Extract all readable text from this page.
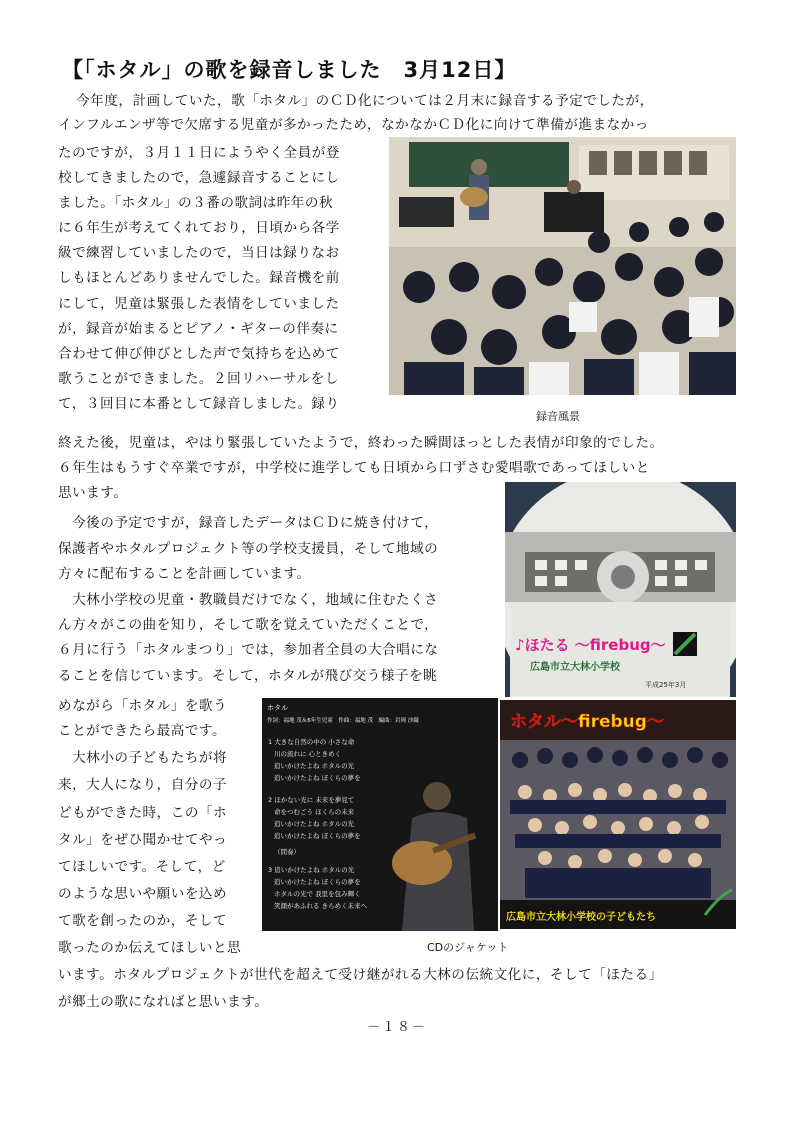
【「ホタル」の歌を録音しました　3月12日】
　今年度，計画していた，歌「ホタル」のＣＤ化については２月末に録音する予定でしたが，
インフルエンザ等で欠席する児童が多かったため，なかなかＣＤ化に向けて準備が進まなかっ
たのですが，３月１１日にようやく全員が登
校してきましたので，急遽録音することにし
ました。「ホタル」の３番の歌詞は昨年の秋
に６年生が考えてくれており，日頃から各学
級で練習していましたので，当日は録りなお
しもほとんどありませんでした。録音機を前
にして，児童は緊張した表情をしていました
が，録音が始まるとピアノ・ギターの伴奏に
合わせて伸び伸びとした声で気持ちを込めて
歌うことができました。２回リハーサルをし
て，３回目に本番として録音しました。録り
終えた後，児童は，やはり緊張していたようで，終わった瞬間ほっとした表情が印象的でした。
６年生はもうすぐ卒業ですが，中学校に進学しても日頃から口ずさむ愛唱歌であってほしいと
思います。
　今後の予定ですが，録音したデータはＣＤに焼き付けて，
保護者やホタルプロジェクト等の学校支援員，そして地域の
方々に配布することを計画しています。
　大林小学校の児童・教職員だけでなく，地域に住むたくさ
ん方々がこの曲を知り，そして歌を覚えていただくことで，
６月に行う「ホタルまつり」では，参加者全員の大合唱にな
ることを信じています。そして，ホタルが飛び交う様子を眺
めながら「ホタル」を歌う
ことができたら最高です。
　大林小の子どもたちが将
来，大人になり，自分の子
どもができた時，この「ホ
タル」をぜひ聞かせてやっ
てほしいです。そして，ど
のような思いや願いを込め
て歌を創ったのか，そして
歌ったのか伝えてほしいと思
います。ホタルプロジェクトが世代を超えて受け継がれる大林の伝統文化に，そして「ほたる」
が郷土の歌になればと思います。
録音風景
♪ほたる ～firebug～
広島市立大林小学校
平成25年3月
ホタル
作詞：福地 茂＆6年生児童　作曲：福地 茂　編曲：岩岡 沙織
1 大きな自然の中の 小さな命
川の流れに 心ときめく
追いかけたよね ホタルの光
追いかけたよね ぼくらの夢を
2 ほかない光に 未来を夢見て
命をつむごう ほくらの未来
追いかけたよね ホタルの光
追いかけたよね ぼくらの夢を
（間奏）
3 追いかけたよね ホタルの光
追いかけたよね ぼくらの夢を
ホタルの光で 我里を包み輝く
笑顔があふれる きらめく未来へ
CDのジャケット
ホタル～firebug～
広島市立大林小学校の子どもたち
－１８－
